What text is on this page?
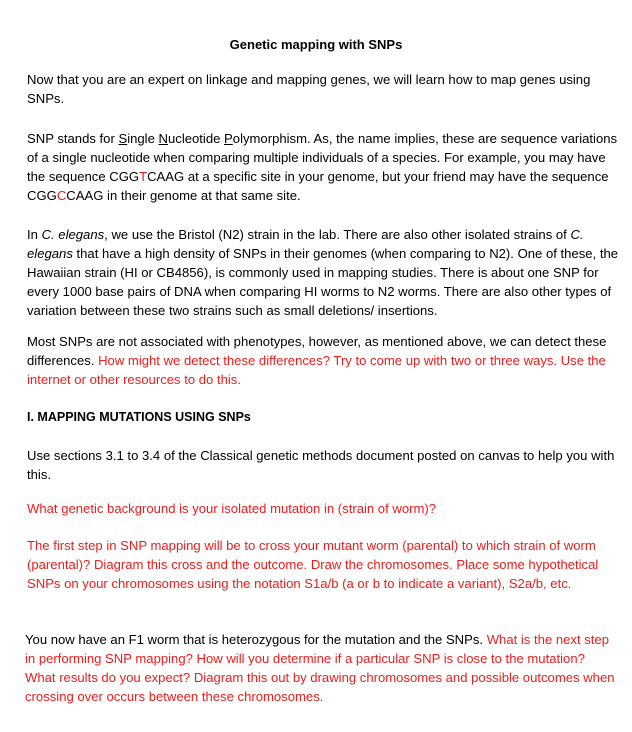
Genetic mapping with SNPs

Now that you are an expert on linkage and mapping genes, we will learn how to map genes using SNPs.

SNP stands for Single Nucleotide Polymorphism. As, the name implies, these are sequence variations of a single nucleotide when comparing multiple individuals of a species. For example, you may have the sequence CGGTCAAG at a specific site in your genome, but your friend may have the sequence CGGCCAAG in their genome at that same site.

In C. elegans, we use the Bristol (N2) strain in the lab. There are also other isolated strains of C. elegans that have a high density of SNPs in their genomes (when comparing to N2). One of these, the Hawaiian strain (HI or CB4856), is commonly used in mapping studies. There is about one SNP for every 1000 base pairs of DNA when comparing HI worms to N2 worms. There are also other types of variation between these two strains such as small deletions/ insertions.

Most SNPs are not associated with phenotypes, however, as mentioned above, we can detect these differences. How might we detect these differences? Try to come up with two or three ways. Use the internet or other resources to do this.

I. MAPPING MUTATIONS USING SNPs

Use sections 3.1 to 3.4 of the Classical genetic methods document posted on canvas to help you with this.

What genetic background is your isolated mutation in (strain of worm)?

The first step in SNP mapping will be to cross your mutant worm (parental) to which strain of worm (parental)? Diagram this cross and the outcome. Draw the chromosomes. Place some hypothetical SNPs on your chromosomes using the notation S1a/b (a or b to indicate a variant), S2a/b, etc.

You now have an F1 worm that is heterozygous for the mutation and the SNPs. What is the next step in performing SNP mapping? How will you determine if a particular SNP is close to the mutation? What results do you expect? Diagram this out by drawing chromosomes and possible outcomes when crossing over occurs between these chromosomes.
